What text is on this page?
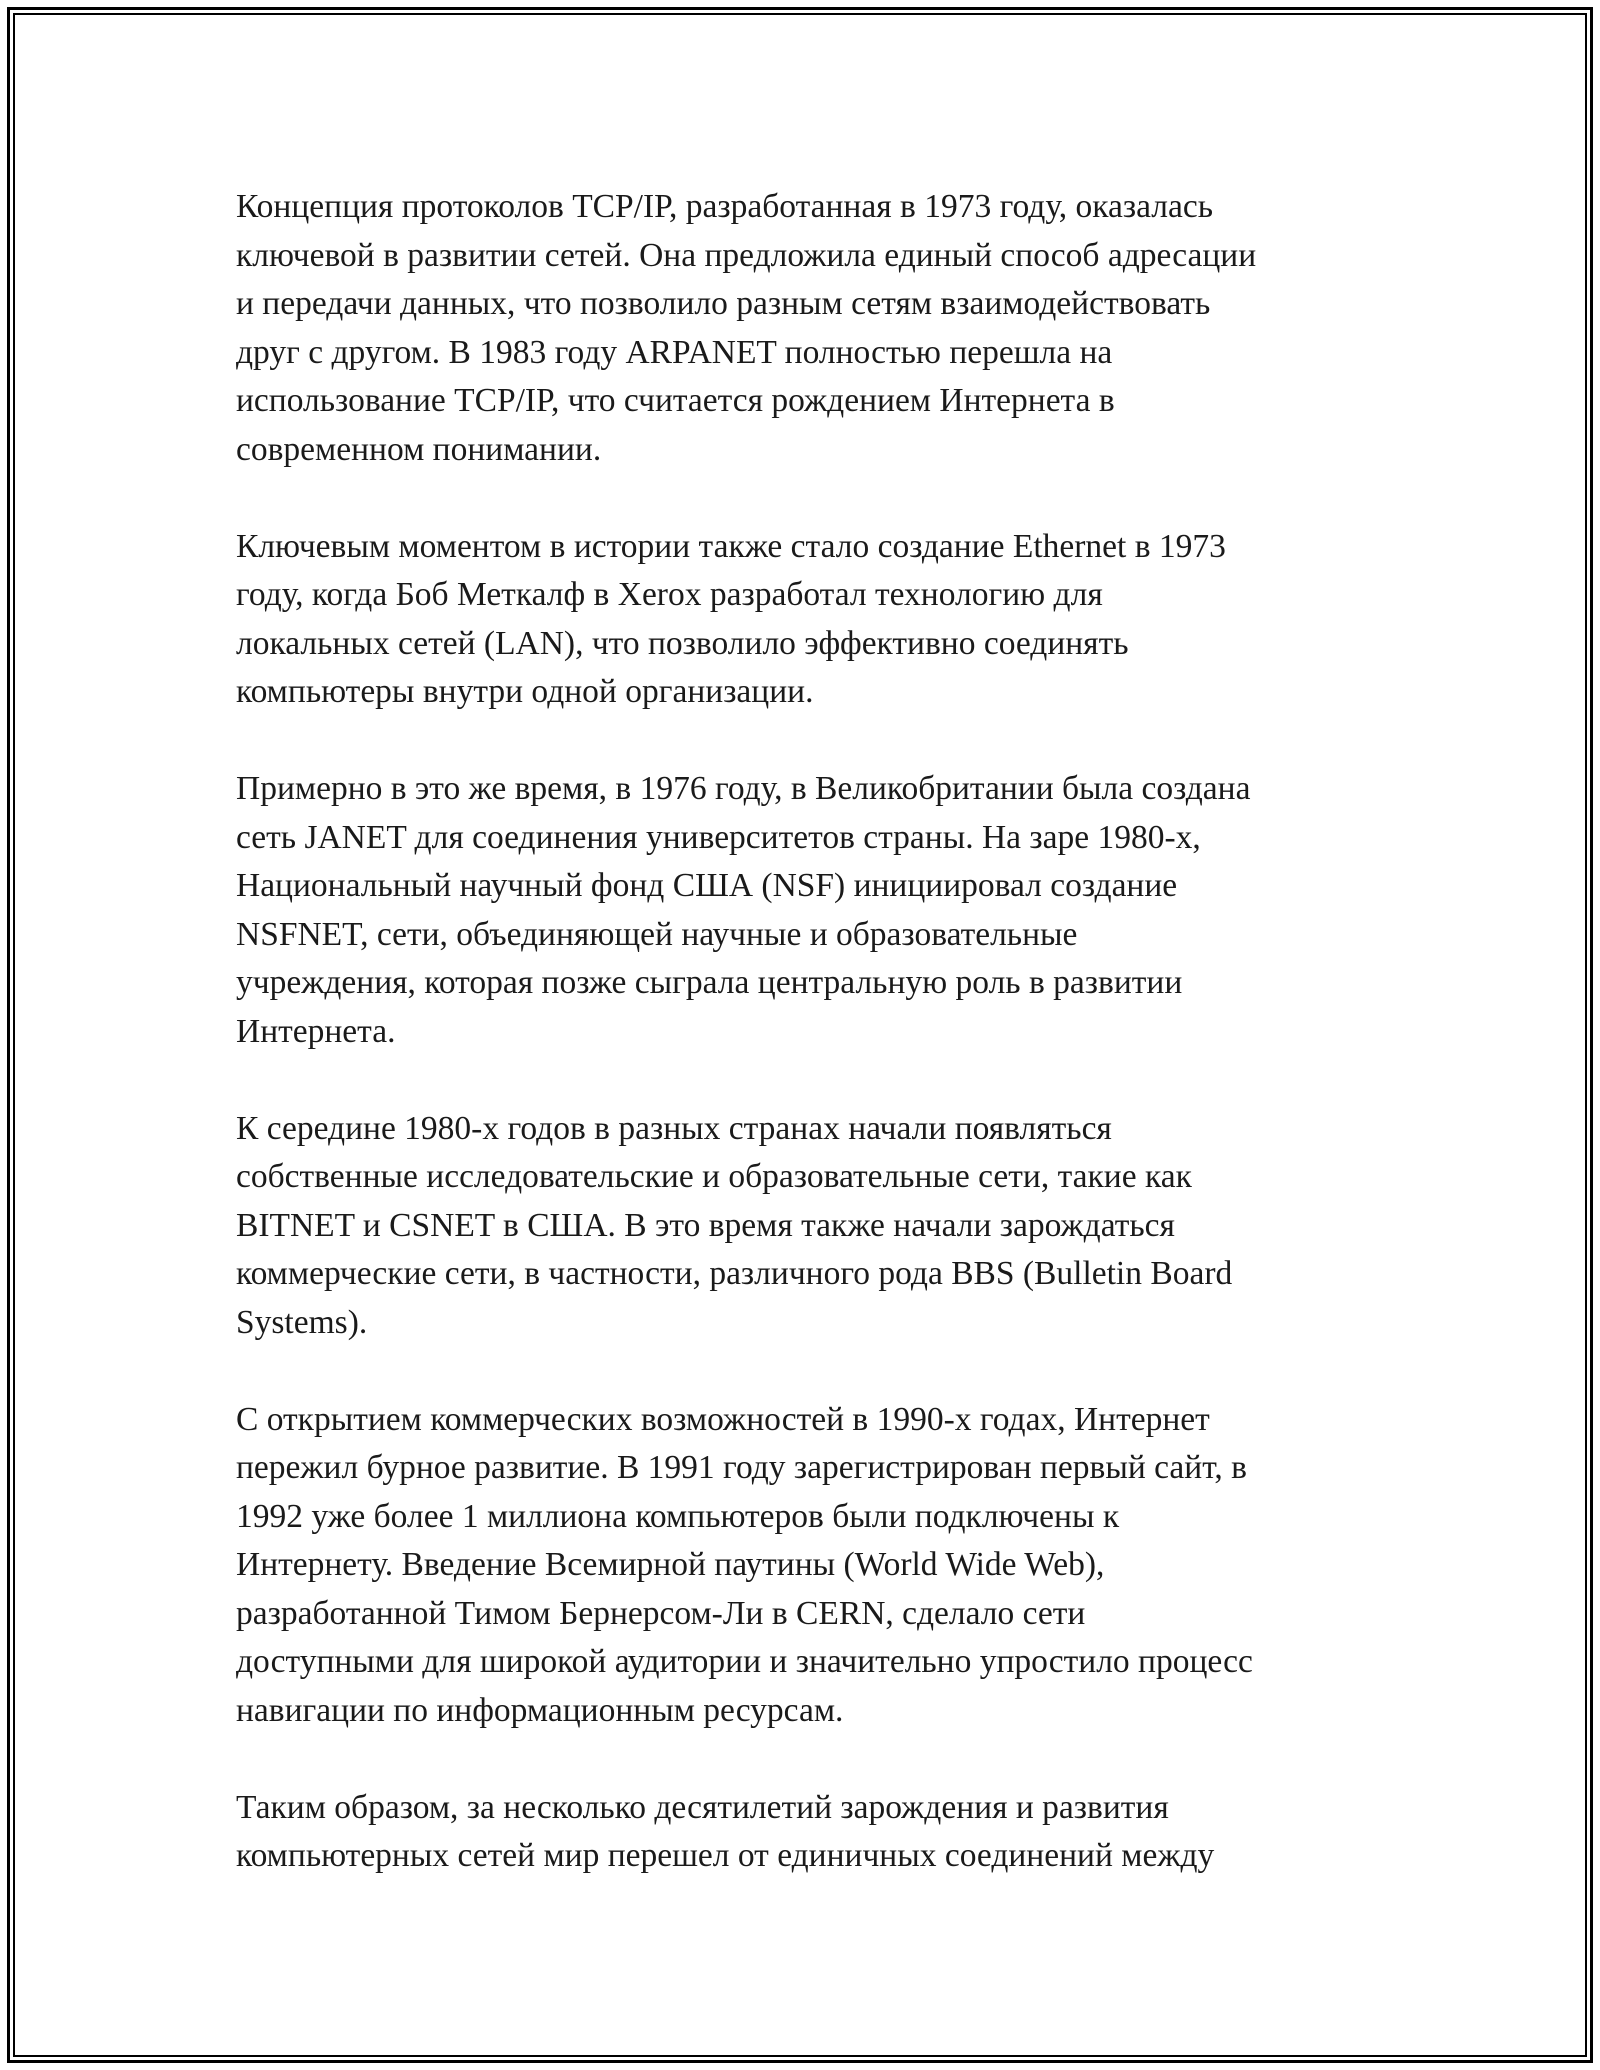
Концепция протоколов TCP/IP, разработанная в 1973 году, оказалась
ключевой в развитии сетей. Она предложила единый способ адресации
и передачи данных, что позволило разным сетям взаимодействовать
друг с другом. В 1983 году ARPANET полностью перешла на
использование TCP/IP, что считается рождением Интернета в
современном понимании.

Ключевым моментом в истории также стало создание Ethernet в 1973
году, когда Боб Меткалф в Xerox разработал технологию для
локальных сетей (LAN), что позволило эффективно соединять
компьютеры внутри одной организации.

Примерно в это же время, в 1976 году, в Великобритании была создана
сеть JANET для соединения университетов страны. На заре 1980-х,
Национальный научный фонд США (NSF) инициировал создание
NSFNET, сети, объединяющей научные и образовательные
учреждения, которая позже сыграла центральную роль в развитии
Интернета.

К середине 1980-х годов в разных странах начали появляться
собственные исследовательские и образовательные сети, такие как
BITNET и CSNET в США. В это время также начали зарождаться
коммерческие сети, в частности, различного рода BBS (Bulletin Board
Systems).

С открытием коммерческих возможностей в 1990-х годах, Интернет
пережил бурное развитие. В 1991 году зарегистрирован первый сайт, в
1992 уже более 1 миллиона компьютеров были подключены к
Интернету. Введение Всемирной паутины (World Wide Web),
разработанной Тимом Бернерсом-Ли в CERN, сделало сети
доступными для широкой аудитории и значительно упростило процесс
навигации по информационным ресурсам.

Таким образом, за несколько десятилетий зарождения и развития
компьютерных сетей мир перешел от единичных соединений между
